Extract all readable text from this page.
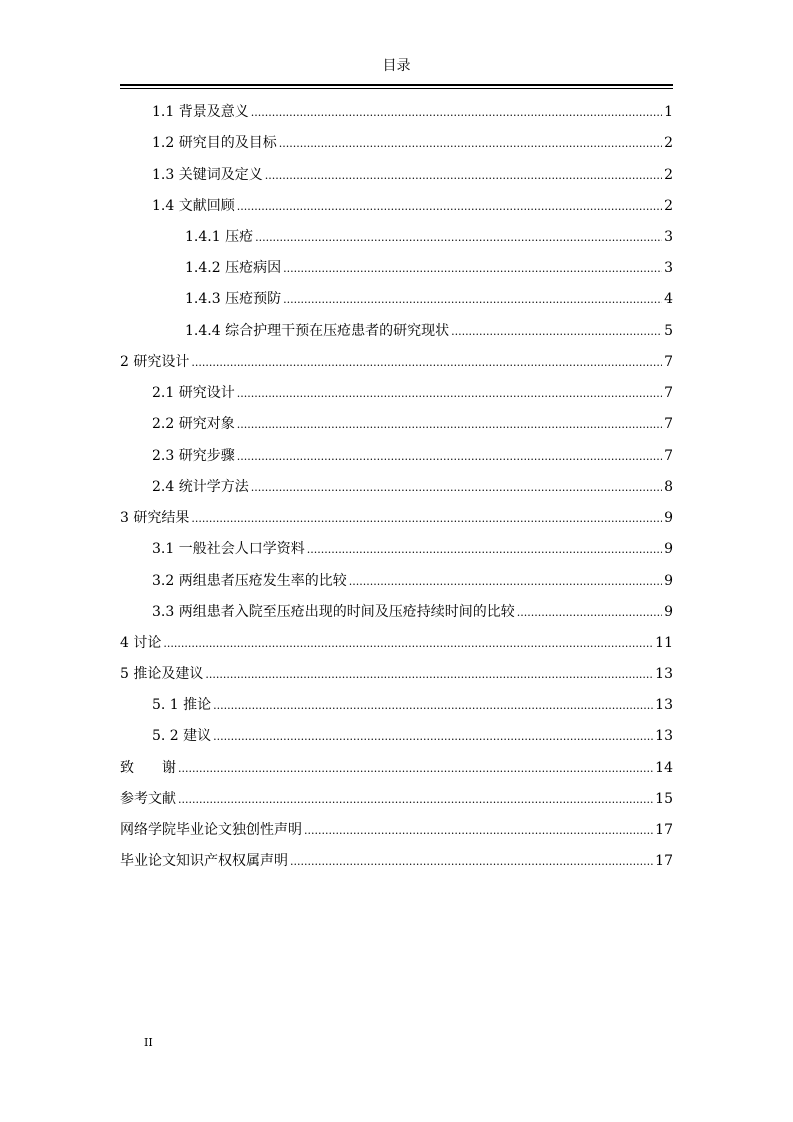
目录
1.1 背景及意义 .....	1
1.2 研究目的及目标 .....	2
1.3 关键词及定义 .....	2
1.4 文献回顾 .....	2
1.4.1 压疮 .....	3
1.4.2 压疮病因 .....	3
1.4.3 压疮预防 .....	4
1.4.4 综合护理干预在压疮患者的研究现状 .....	5
2 研究设计 .....	7
2.1 研究设计 .....	7
2.2 研究对象 .....	7
2.3 研究步骤 .....	7
2.4 统计学方法 .....	8
3 研究结果 .....	9
3.1 一般社会人口学资料 .....	9
3.2 两组患者压疮发生率的比较 .....	9
3.3 两组患者入院至压疮出现的时间及压疮持续时间的比较 .....	9
4 讨论 .....	11
5 推论及建议 .....	13
5. 1 推论 .....	13
5. 2 建议 .....	13
致　　谢 .....	14
参考文献 .....	15
网络学院毕业论文独创性声明 .....	17
毕业论文知识产权权属声明 .....	17
II
